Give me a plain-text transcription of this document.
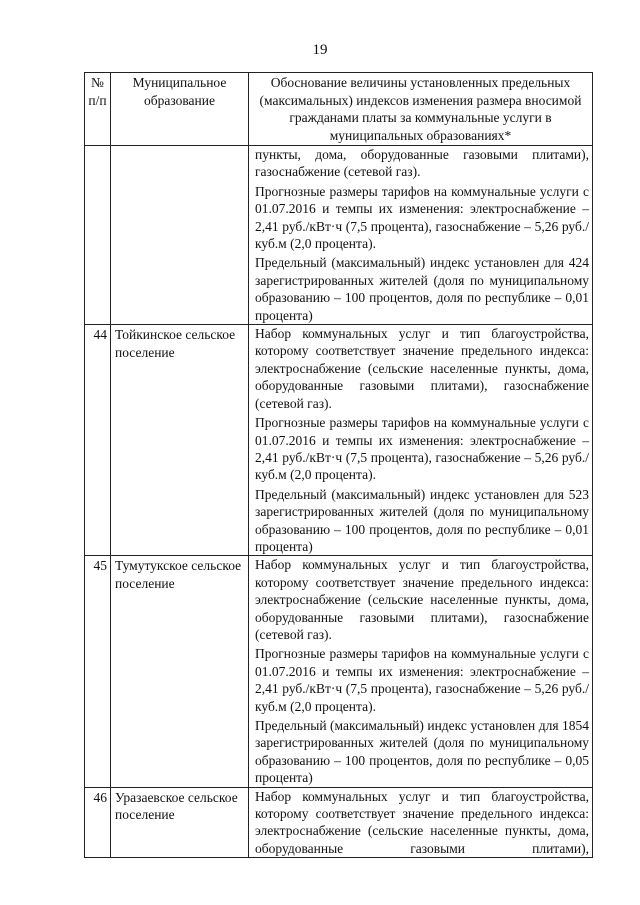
19
№ п/п	Муниципальное образование	Обоснование величины установленных предельных (максимальных) индексов изменения размера вносимой гражданами платы за коммунальные услуги в муниципальных образованиях*

		пункты, дома, оборудованные газовыми плитами), газоснабжение (сетевой газ).
Прогнозные размеры тарифов на коммунальные услуги с 01.07.2016 и темпы их изменения: электроснабжение – 2,41 руб./кВт·ч (7,5 процента), газоснабжение – 5,26 руб./куб.м (2,0 процента).
Предельный (максимальный) индекс установлен для 424 зарегистрированных жителей (доля по муниципальному образованию – 100 процентов, доля по республике – 0,01 процента)

44	Тойкинское сельское поселение	Набор коммунальных услуг и тип благоустройства, которому соответствует значение предельного индекса: электроснабжение (сельские населенные пункты, дома, оборудованные газовыми плитами), газоснабжение (сетевой газ).
Прогнозные размеры тарифов на коммунальные услуги с 01.07.2016 и темпы их изменения: электроснабжение – 2,41 руб./кВт·ч (7,5 процента), газоснабжение – 5,26 руб./куб.м (2,0 процента).
Предельный (максимальный) индекс установлен для 523 зарегистрированных жителей (доля по муниципальному образованию – 100 процентов, доля по республике – 0,01 процента)

45	Тумутукское сельское поселение	Набор коммунальных услуг и тип благоустройства, которому соответствует значение предельного индекса: электроснабжение (сельские населенные пункты, дома, оборудованные газовыми плитами), газоснабжение (сетевой газ).
Прогнозные размеры тарифов на коммунальные услуги с 01.07.2016 и темпы их изменения: электроснабжение – 2,41 руб./кВт·ч (7,5 процента), газоснабжение – 5,26 руб./куб.м (2,0 процента).
Предельный (максимальный) индекс установлен для 1854 зарегистрированных жителей (доля по муниципальному образованию – 100 процентов, доля по республике – 0,05 процента)

46	Уразаевское сельское поселение	Набор коммунальных услуг и тип благоустройства, которому соответствует значение предельного индекса: электроснабжение (сельские населенные пункты, дома, оборудованные газовыми плитами),
